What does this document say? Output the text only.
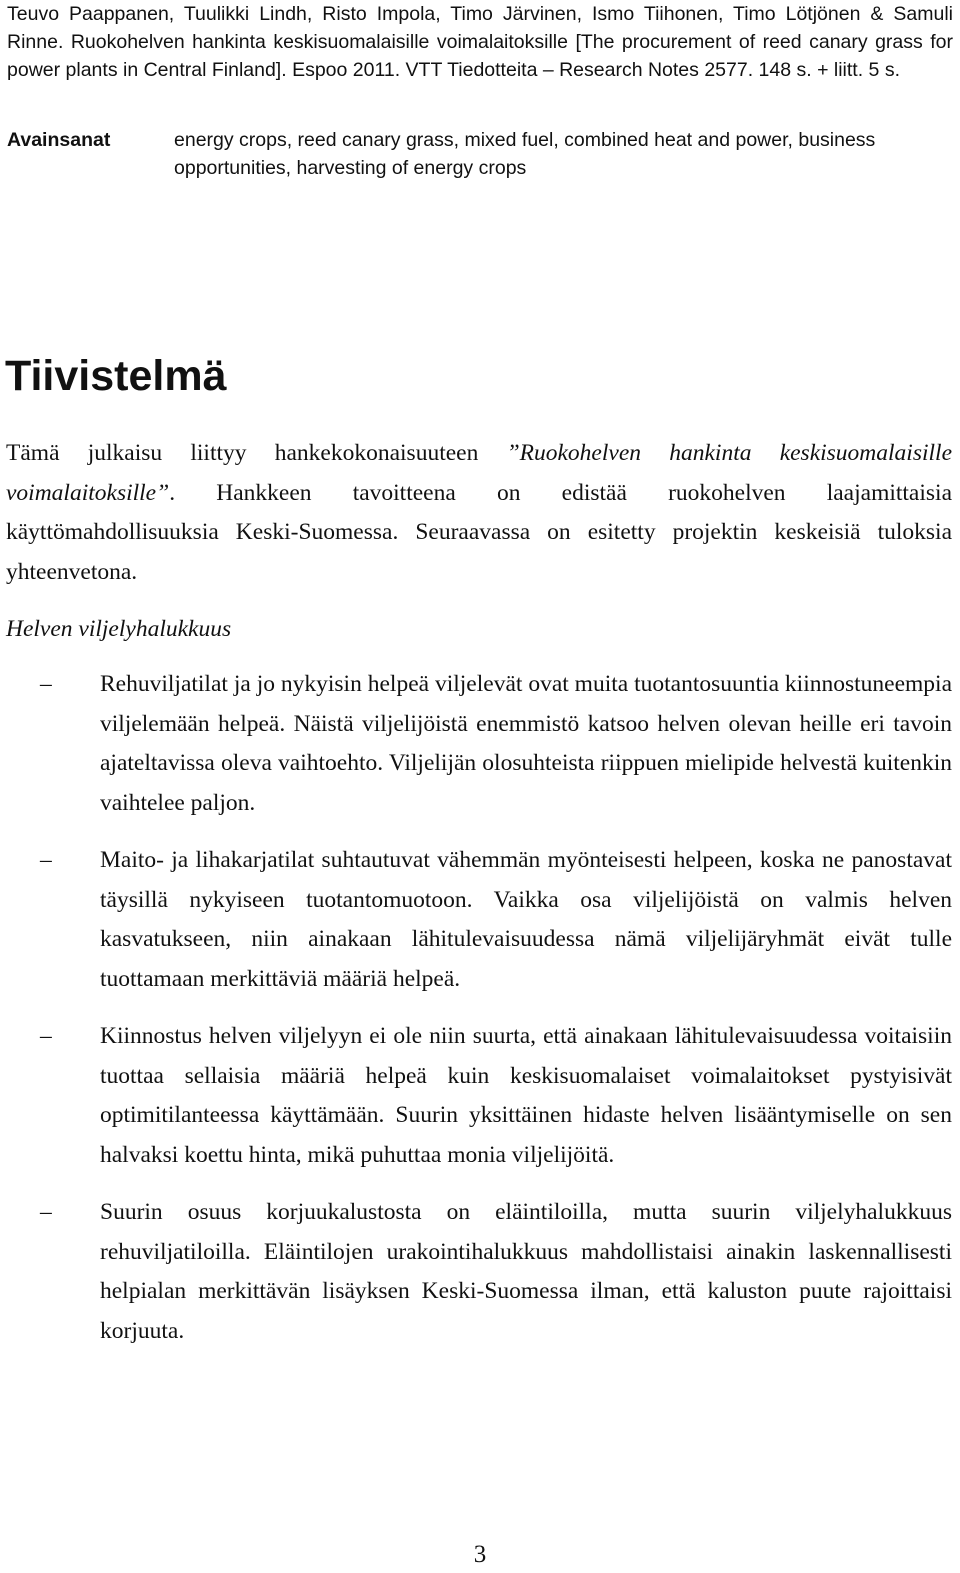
Teuvo Paappanen, Tuulikki Lindh, Risto Impola, Timo Järvinen, Ismo Tiihonen, Timo Lötjönen & Samuli Rinne. Ruokohelven hankinta keskisuomalaisille voimalaitoksille [The procurement of reed canary grass for power plants in Central Finland]. Espoo 2011. VTT Tiedotteita – Research Notes 2577. 148 s. + liitt. 5 s.
Avainsanat	energy crops, reed canary grass, mixed fuel, combined heat and power, business opportunities, harvesting of energy crops
Tiivistelmä
Tämä julkaisu liittyy hankekokonaisuuteen ”Ruokohelven hankinta keskisuomalaisille voimalaitoksille”. Hankkeen tavoitteena on edistää ruokohelven laajamittaisia käyttömahdollisuuksia Keski-Suomessa. Seuraavassa on esitetty projektin keskeisiä tuloksia yhteenvetona.
Helven viljelyhalukkuus
– Rehuviljatilat ja jo nykyisin helpeä viljelevät ovat muita tuotantosuuntia kiinnostuneempia viljelemään helpeä. Näistä viljelijöistä enemmistö katsoo helven olevan heille eri tavoin ajateltavissa oleva vaihtoehto. Viljelijän olosuhteista riippuen mielipide helvestä kuitenkin vaihtelee paljon.
– Maito- ja lihakarjatilat suhtautuvat vähemmän myönteisesti helpeen, koska ne panostavat täysillä nykyiseen tuotantomuotoon. Vaikka osa viljelijöistä on valmis helven kasvatukseen, niin ainakaan lähitulevaisuudessa nämä viljelijäryhmät eivät tulle tuottamaan merkittäviä määriä helpeä.
– Kiinnostus helven viljelyyn ei ole niin suurta, että ainakaan lähitulevaisuudessa voitaisiin tuottaa sellaisia määriä helpeä kuin keskisuomalaiset voimalaitokset pystyisivät optimitilanteessa käyttämään. Suurin yksittäinen hidaste helven lisääntymiselle on sen halvaksi koettu hinta, mikä puhuttaa monia viljelijöitä.
– Suurin osuus korjuukalustosta on eläintiloilla, mutta suurin viljelyhalukkuus rehuviljatiloilla. Eläintilojen urakointihalukkuus mahdollistaisi ainakin laskennallisesti helpialan merkittävän lisäyksen Keski-Suomessa ilman, että kaluston puute rajoittaisi korjuuta.
3
